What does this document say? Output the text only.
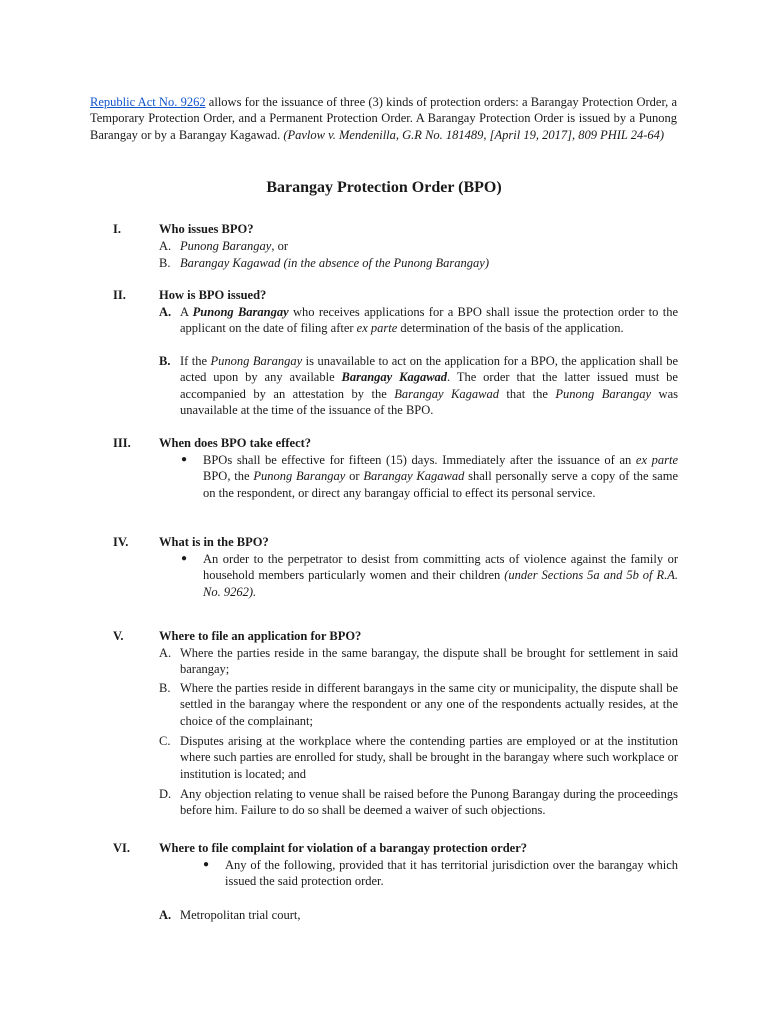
Republic Act No. 9262 allows for the issuance of three (3) kinds of protection orders: a Barangay Protection Order, a Temporary Protection Order, and a Permanent Protection Order. A Barangay Protection Order is issued by a Punong Barangay or by a Barangay Kagawad. (Pavlow v. Mendenilla, G.R No. 181489, [April 19, 2017], 809 PHIL 24-64)
Barangay Protection Order (BPO)
I.	Who issues BPO?
A. Punong Barangay, or
B. Barangay Kagawad (in the absence of the Punong Barangay)
II.	How is BPO issued?
A. A Punong Barangay who receives applications for a BPO shall issue the protection order to the applicant on the date of filing after ex parte determination of the basis of the application.
B. If the Punong Barangay is unavailable to act on the application for a BPO, the application shall be acted upon by any available Barangay Kagawad. The order that the latter issued must be accompanied by an attestation by the Barangay Kagawad that the Punong Barangay was unavailable at the time of the issuance of the BPO.
III. When does BPO take effect?
● BPOs shall be effective for fifteen (15) days. Immediately after the issuance of an ex parte BPO, the Punong Barangay or Barangay Kagawad shall personally serve a copy of the same on the respondent, or direct any barangay official to effect its personal service.
IV. What is in the BPO?
● An order to the perpetrator to desist from committing acts of violence against the family or household members particularly women and their children (under Sections 5a and 5b of R.A. No. 9262).
V.	Where to file an application for BPO?
A. Where the parties reside in the same barangay, the dispute shall be brought for settlement in said barangay;
B. Where the parties reside in different barangays in the same city or municipality, the dispute shall be settled in the barangay where the respondent or any one of the respondents actually resides, at the choice of the complainant;
C. Disputes arising at the workplace where the contending parties are employed or at the institution where such parties are enrolled for study, shall be brought in the barangay where such workplace or institution is located; and
D. Any objection relating to venue shall be raised before the Punong Barangay during the proceedings before him. Failure to do so shall be deemed a waiver of such objections.
VI. Where to file complaint for violation of a barangay protection order?
● Any of the following, provided that it has territorial jurisdiction over the barangay which issued the said protection order.
A. Metropolitan trial court,
